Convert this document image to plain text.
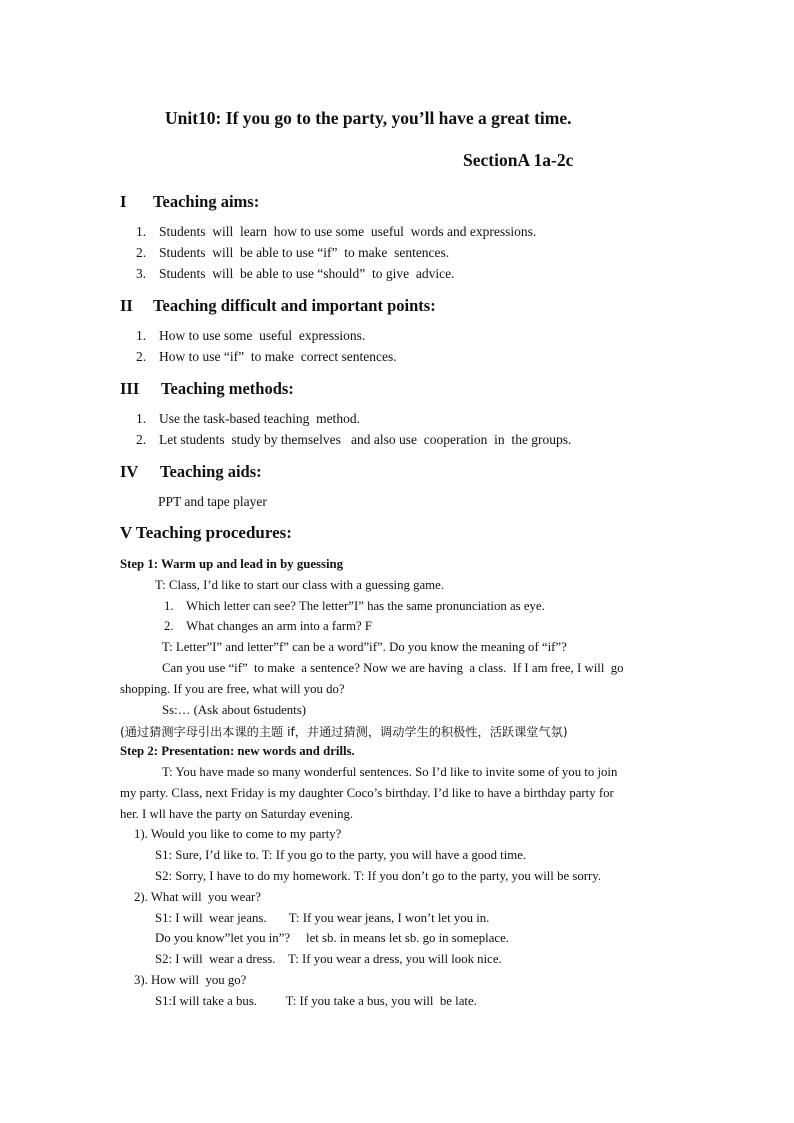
Unit10: If you go to the party, you’ll have a great time.
SectionA 1a-2c
I Teaching aims:
1. Students  will  learn  how to use some  useful  words and expressions.
2. Students  will  be able to use “if”  to make  sentences.
3. Students  will  be able to use “should”  to give  advice.
II Teaching difficult and important points:
1. How to use some  useful  expressions.
2. How to use “if”  to make  correct sentences.
III Teaching methods:
1. Use the task-based teaching  method.
2. Let students  study by themselves   and also use  cooperation  in  the groups.
IV Teaching aids:
PPT and tape player
V Teaching procedures:
Step 1: Warm up and lead in by guessing
T: Class, I’d like to start our class with a guessing game.
1.    Which letter can see? The letter”I” has the same pronunciation as eye.
2.    What changes an arm into a farm? F
T: Letter”I” and letter”f” can be a word”if”. Do you know the meaning of “if”?
Can you use “if”  to make  a sentence? Now we are having  a class.  If I am free, I will  go
shopping. If you are free, what will you do?
Ss:… (Ask about 6students)
(通过猜测字母引出本课的主题 if，并通过猜测，调动学生的积极性，活跃课堂气氛)
Step 2: Presentation: new words and drills.
T: You have made so many wonderful sentences. So I’d like to invite some of you to join
my party. Class, next Friday is my daughter Coco’s birthday. I’d like to have a birthday party for
her. I wll have the party on Saturday evening.
1). Would you like to come to my party?
S1: Sure, I’d like to. T: If you go to the party, you will have a good time.
S2: Sorry, I have to do my homework. T: If you don’t go to the party, you will be sorry.
2). What will  you wear?
S1: I will  wear jeans.       T: If you wear jeans, I won’t let you in.
Do you know”let you in”?     let sb. in means let sb. go in someplace.
S2: I will  wear a dress.    T: If you wear a dress, you will look nice.
3). How will  you go?
S1:I will take a bus.         T: If you take a bus, you will  be late.
